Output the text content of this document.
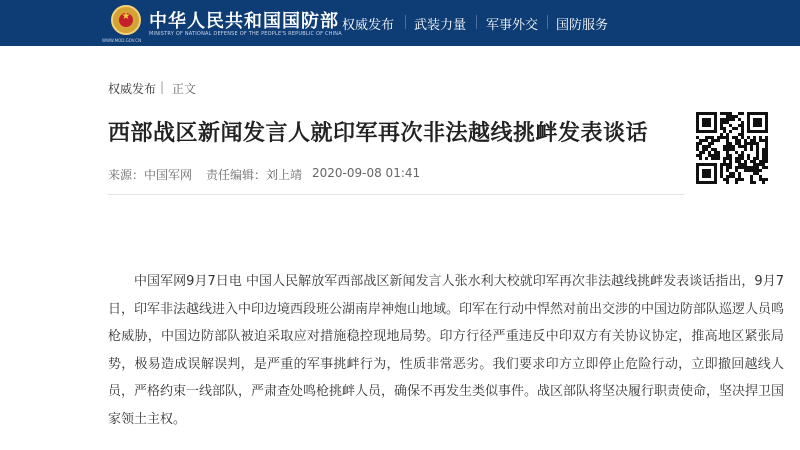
★	中华人民共和国国防部
MINISTRY OF NATIONAL DEFENSE OF THE PEOPLE'S REPUBLIC OF CHINA
WWW.MOD.GOV.CN
权威发布 武装力量 军事外交 国防服务
权威发布 | 正文
西部战区新闻发言人就印军再次非法越线挑衅发表谈话
来源：中国军网 责任编辑：刘上靖 2020-09-08 01:41
中国军网9月7日电 中国人民解放军西部战区新闻发言人张水利大校就印军再次非法越线挑衅发表谈话指出，9月7日，印军非法越线进入中印边境西段班公湖南岸神炮山地域。印军在行动中悍然对前出交涉的中国边防部队巡逻人员鸣枪威胁，中国边防部队被迫采取应对措施稳控现地局势。印方行径严重违反中印双方有关协议协定，推高地区紧张局势，极易造成误解误判，是严重的军事挑衅行为，性质非常恶劣。我们要求印方立即停止危险行动，立即撤回越线人员，严格约束一线部队，严肃查处鸣枪挑衅人员，确保不再发生类似事件。战区部队将坚决履行职责使命，坚决捍卫国家领土主权。
